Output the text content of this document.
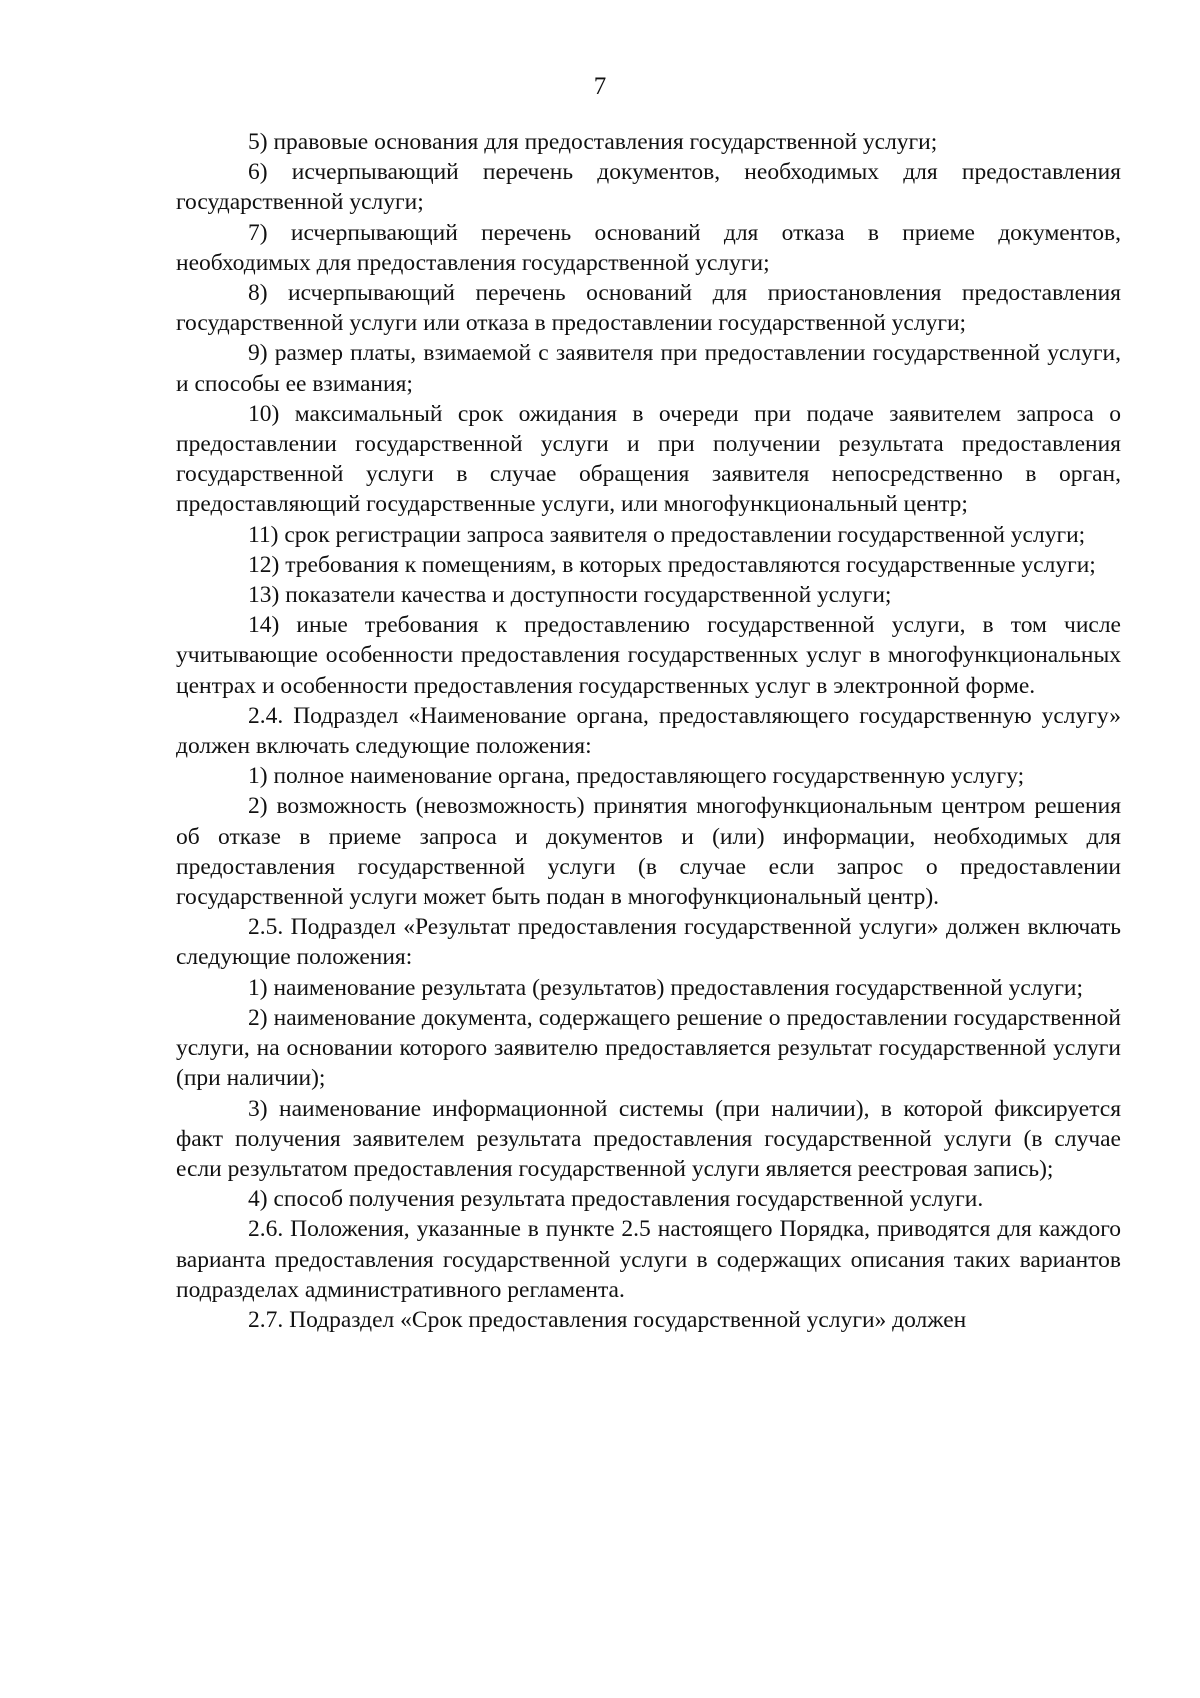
7

5) правовые основания для предоставления государственной услуги;

6) исчерпывающий перечень документов, необходимых для предоставления государственной услуги;

7) исчерпывающий перечень оснований для отказа в приеме документов, необходимых для предоставления государственной услуги;

8) исчерпывающий перечень оснований для приостановления предоставления государственной услуги или отказа в предоставлении государственной услуги;

9) размер платы, взимаемой с заявителя при предоставлении государственной услуги, и способы ее взимания;

10) максимальный срок ожидания в очереди при подаче заявителем запроса о предоставлении государственной услуги и при получении результата предоставления государственной услуги в случае обращения заявителя непосредственно в орган, предоставляющий государственные услуги, или многофункциональный центр;

11) срок регистрации запроса заявителя о предоставлении государственной услуги;

12) требования к помещениям, в которых предоставляются государственные услуги;

13) показатели качества и доступности государственной услуги;

14) иные требования к предоставлению государственной услуги, в том числе учитывающие особенности предоставления государственных услуг в многофункциональных центрах и особенности предоставления государственных услуг в электронной форме.

2.4. Подраздел «Наименование органа, предоставляющего государственную услугу» должен включать следующие положения:

1) полное наименование органа, предоставляющего государственную услугу;

2) возможность (невозможность) принятия многофункциональным центром решения об отказе в приеме запроса и документов и (или) информации, необходимых для предоставления государственной услуги (в случае если запрос о предоставлении государственной услуги может быть подан в многофункциональный центр).

2.5. Подраздел «Результат предоставления государственной услуги» должен включать следующие положения:

1) наименование результата (результатов) предоставления государственной услуги;

2) наименование документа, содержащего решение о предоставлении государственной услуги, на основании которого заявителю предоставляется результат государственной услуги (при наличии);

3) наименование информационной системы (при наличии), в которой фиксируется факт получения заявителем результата предоставления государственной услуги (в случае если результатом предоставления государственной услуги является реестровая запись);

4) способ получения результата предоставления государственной услуги.

2.6. Положения, указанные в пункте 2.5 настоящего Порядка, приводятся для каждого варианта предоставления государственной услуги в содержащих описания таких вариантов подразделах административного регламента.

2.7. Подраздел «Срок предоставления государственной услуги» должен
